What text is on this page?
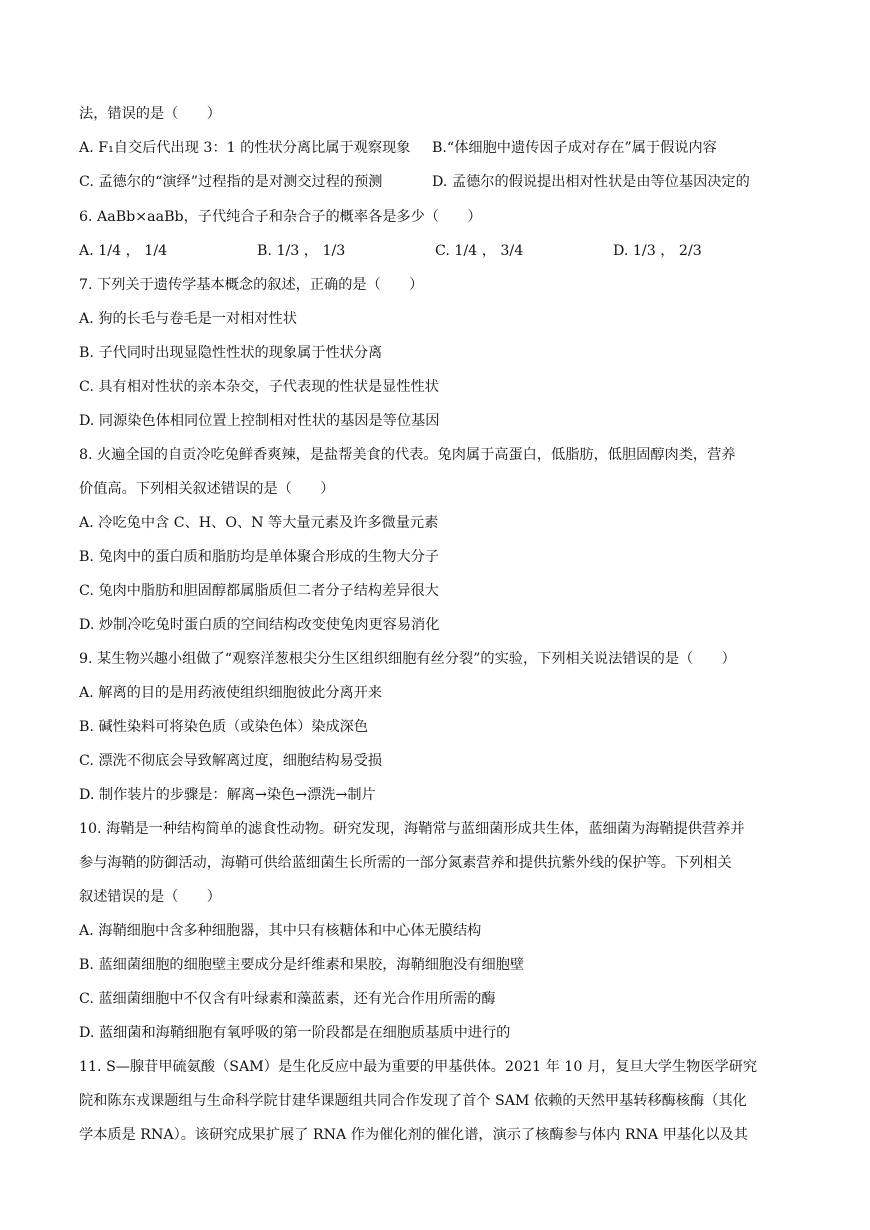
法，错误的是（　　）
A. F₁自交后代出现 3：1 的性状分离比属于观察现象 B.“体细胞中遗传因子成对存在”属于假说内容
C. 孟德尔的“演绎”过程指的是对测交过程的预测	D. 孟德尔的假说提出相对性状是由等位基因决定的
6. AaBb×aaBb，子代纯合子和杂合子的概率各是多少（　　）
A. 1/4 ， 1/4	B. 1/3 ， 1/3	C. 1/4 ， 3/4	D. 1/3 ， 2/3
7. 下列关于遗传学基本概念的叙述，正确的是（　　）
A. 狗的长毛与卷毛是一对相对性状
B. 子代同时出现显隐性性状的现象属于性状分离
C. 具有相对性状的亲本杂交，子代表现的性状是显性性状
D. 同源染色体相同位置上控制相对性状的基因是等位基因
8. 火遍全国的自贡冷吃兔鲜香爽辣，是盐帮美食的代表。兔肉属于高蛋白，低脂肪，低胆固醇肉类，营养
价值高。下列相关叙述错误的是（　　）
A. 冷吃兔中含 C、H、O、N 等大量元素及许多微量元素
B. 兔肉中的蛋白质和脂肪均是单体聚合形成的生物大分子
C. 兔肉中脂肪和胆固醇都属脂质但二者分子结构差异很大
D. 炒制冷吃兔时蛋白质的空间结构改变使兔肉更容易消化
9. 某生物兴趣小组做了“观察洋葱根尖分生区组织细胞有丝分裂”的实验，下列相关说法错误的是（　　）
A. 解离的目的是用药液使组织细胞彼此分离开来
B. 碱性染料可将染色质（或染色体）染成深色
C. 漂洗不彻底会导致解离过度，细胞结构易受损
D. 制作装片的步骤是：解离→染色→漂洗→制片
10. 海鞘是一种结构简单的滤食性动物。研究发现，海鞘常与蓝细菌形成共生体，蓝细菌为海鞘提供营养并
参与海鞘的防御活动，海鞘可供给蓝细菌生长所需的一部分氮素营养和提供抗紫外线的保护等。下列相关
叙述错误的是（　　）
A. 海鞘细胞中含多种细胞器，其中只有核糖体和中心体无膜结构
B. 蓝细菌细胞的细胞壁主要成分是纤维素和果胶，海鞘细胞没有细胞壁
C. 蓝细菌细胞中不仅含有叶绿素和藻蓝素，还有光合作用所需的酶
D. 蓝细菌和海鞘细胞有氧呼吸的第一阶段都是在细胞质基质中进行的
11. S—腺苷甲硫氨酸（SAM）是生化反应中最为重要的甲基供体。2021 年 10 月，复旦大学生物医学研究
院和陈东戎课题组与生命科学院甘建华课题组共同合作发现了首个 SAM 依赖的天然甲基转移酶核酶（其化
学本质是 RNA）。该研究成果扩展了 RNA 作为催化剂的催化谱，演示了核酶参与体内 RNA 甲基化以及其
